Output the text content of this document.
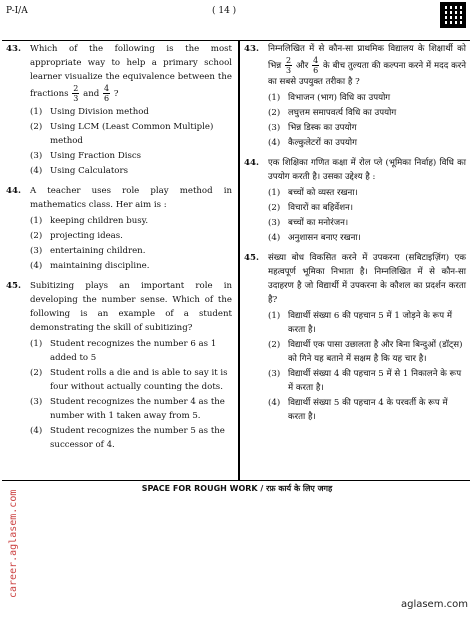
P-I/A	( 14 )
43. Which of the following is the most appropriate way to help a primary school learner visualize the equivalence between the fractions $\frac{2}{3}$ and $\frac{4}{6}$ ?
(1) Using Division method
(2) Using LCM (Least Common Multiple) method
(3) Using Fraction Discs
(4) Using Calculators
44. A teacher uses role play method in mathematics class. Her aim is :
(1) keeping children busy.
(2) projecting ideas.
(3) entertaining children.
(4) maintaining discipline.
45. Subitizing plays an important role in developing the number sense. Which of the following is an example of a student demonstrating the skill of subitizing?
(1) Student recognizes the number 6 as 1 added to 5
(2) Student rolls a die and is able to say it is four without actually counting the dots.
(3) Student recognizes the number 4 as the number with 1 taken away from 5.
(4) Student recognizes the number 5 as the successor of 4.
43. निम्नलिखित में से कौन-सा प्राथमिक विद्यालय के शिक्षार्थी को भिन्न $\frac{2}{3}$ और $\frac{4}{6}$ के बीच तुल्यता की कल्पना करने में मदद करने का सबसे उपयुक्त तरीका है ?
(1) विभाजन (भाग) विधि का उपयोग
(2) लघुत्तम समापवर्त्य विधि का उपयोग
(3) भिन्न डिस्क का उपयोग
(4) कैल्कुलेटरों का उपयोग
44. एक शिक्षिका गणित कक्षा में रोल प्ले (भूमिका निर्वाह) विधि का उपयोग करती है। उसका उद्देश्य है :
(1) बच्चों को व्यस्त रखना।
(2) विचारों का बहिर्वेशन।
(3) बच्चों का मनोरंजन।
(4) अनुशासन बनाए रखना।
45. संख्या बोध विकसित करने में उपकरना (सबिटाइज़िंग) एक महत्वपूर्ण भूमिका निभाता है। निम्नलिखित में से कौन-सा उदाहरण है जो विद्यार्थी में उपकरना के कौशल का प्रदर्शन करता है?
(1) विद्यार्थी संख्या 6 की पहचान 5 में 1 जोड़ने के रूप में करता है।
(2) विद्यार्थी एक पासा उछालता है और बिना बिन्दुओं (डॉट्स) को गिने यह बताने में सक्षम है कि यह चार है।
(3) विद्यार्थी संख्या 4 की पहचान 5 में से 1 निकालने के रूप में करता है।
(4) विद्यार्थी संख्या 5 की पहचान 4 के परवर्ती के रूप में करता है।
SPACE FOR ROUGH WORK / रफ़ कार्य के लिए जगह
career.aglasem.com
aglasem.com
